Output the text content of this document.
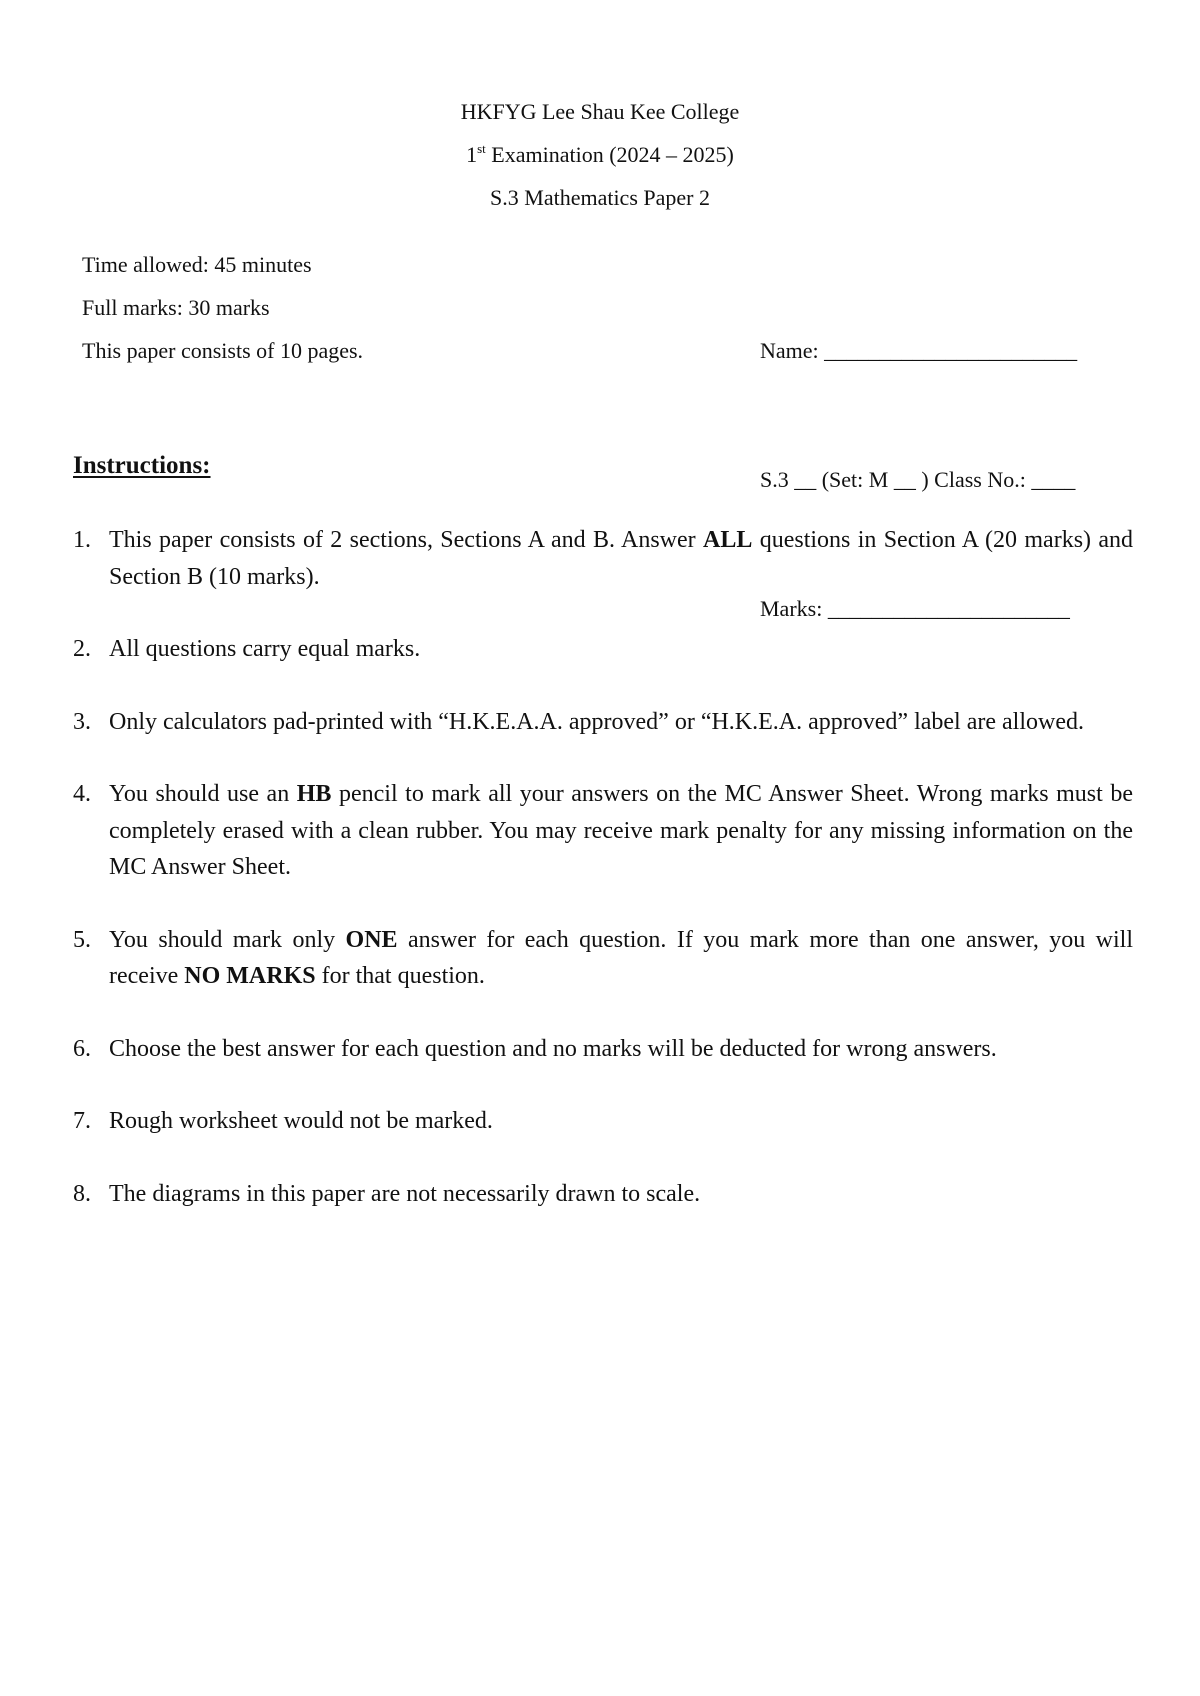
HKFYG Lee Shau Kee College
1st Examination (2024 – 2025)
S.3 Mathematics Paper 2
Time allowed: 45 minutes
Full marks: 30 marks
This paper consists of 10 pages.

	Name: _______________________

S.3 __ (Set: M __ ) Class No.: ____

Marks: ______________________

Instructions:
1. This paper consists of 2 sections, Sections A and B. Answer ALL questions in Section A (20 marks) and Section B (10 marks).
2. All questions carry equal marks.
3. Only calculators pad-printed with “H.K.E.A.A. approved” or “H.K.E.A. approved” label are allowed.
4. You should use an HB pencil to mark all your answers on the MC Answer Sheet. Wrong marks must be completely erased with a clean rubber. You may receive mark penalty for any missing information on the MC Answer Sheet.
5. You should mark only ONE answer for each question. If you mark more than one answer, you will receive NO MARKS for that question.
6. Choose the best answer for each question and no marks will be deducted for wrong answers.
7. Rough worksheet would not be marked.
8. The diagrams in this paper are not necessarily drawn to scale.
